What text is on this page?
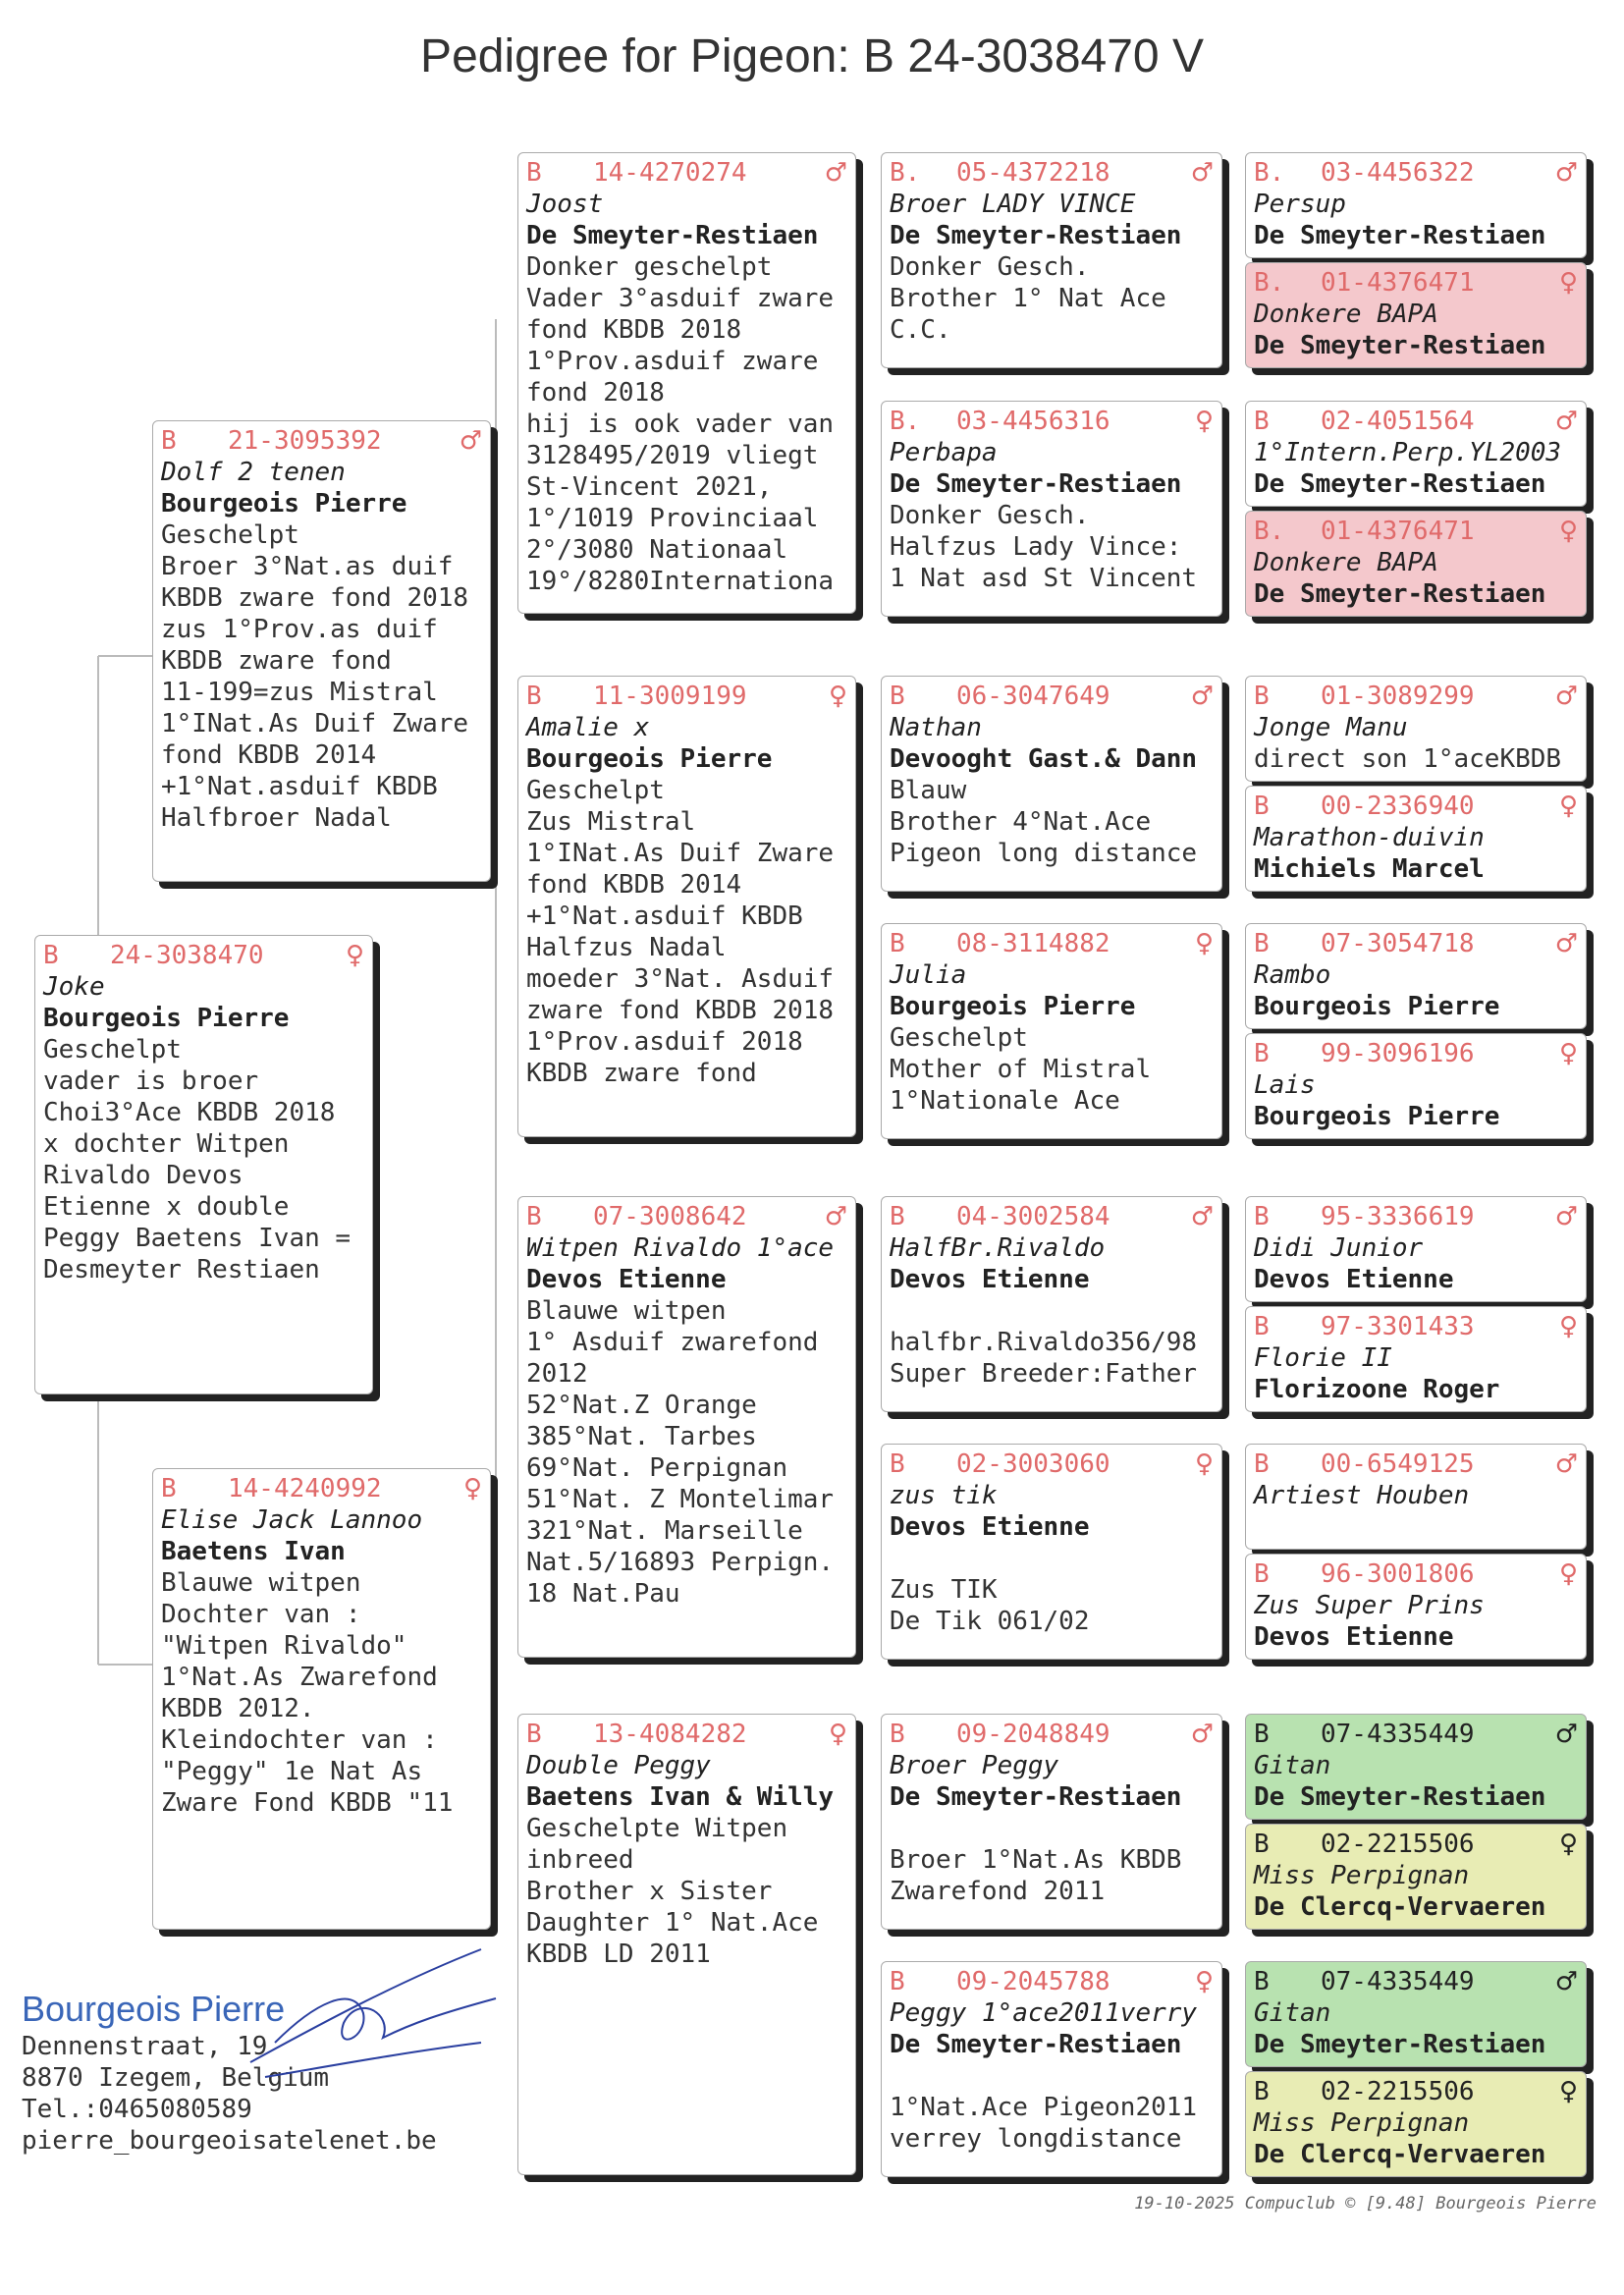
Pedigree for Pigeon: B 24-3038470 V
B	24-3038470	♀
Joke
Bourgeois Pierre
Geschelpt
vader is broer
Choi3°Ace KBDB 2018
x dochter Witpen
Rivaldo Devos
Etienne x double
Peggy Baetens Ivan =
Desmeyter Restiaen
B	21-3095392	♂
Dolf 2 tenen
Bourgeois Pierre
Geschelpt
Broer 3°Nat.as duif
KBDB zware fond 2018
zus 1°Prov.as duif
KBDB zware fond
11-199=zus Mistral
1°INat.As Duif Zware
fond KBDB 2014
+1°Nat.asduif KBDB
Halfbroer Nadal
B	14-4240992	♀
Elise Jack Lannoo
Baetens Ivan
Blauwe witpen
Dochter van :
"Witpen Rivaldo"
1°Nat.As Zwarefond
KBDB 2012.
Kleindochter van :
"Peggy" 1e Nat As
Zware Fond KBDB "11
B	14-4270274	♂
Joost
De Smeyter-Restiaen
Donker geschelpt
Vader 3°asduif zware
fond KBDB 2018
1°Prov.asduif zware
fond 2018
hij is ook vader van
3128495/2019 vliegt
St-Vincent 2021,
1°/1019 Provinciaal
2°/3080 Nationaal
19°/8280Internationa
B	11-3009199	♀
Amalie x
Bourgeois Pierre
Geschelpt
Zus Mistral
1°INat.As Duif Zware
fond KBDB 2014
+1°Nat.asduif KBDB
Halfzus Nadal
moeder 3°Nat. Asduif
zware fond KBDB 2018
1°Prov.asduif 2018
KBDB zware fond
B	07-3008642	♂
Witpen Rivaldo 1°ace
Devos Etienne
Blauwe witpen
1° Asduif zwarefond
2012
52°Nat.Z Orange
385°Nat. Tarbes
69°Nat. Perpignan
51°Nat. Z Montelimar
321°Nat. Marseille
Nat.5/16893 Perpign.
18 Nat.Pau
B	13-4084282	♀
Double Peggy
Baetens Ivan & Willy
Geschelpte Witpen
inbreed
Brother x Sister
Daughter 1° Nat.Ace
KBDB LD 2011
B.	05-4372218	♂
Broer LADY VINCE
De Smeyter-Restiaen
Donker Gesch.
Brother 1° Nat Ace
C.C.
B.	03-4456316	♀
Perbapa
De Smeyter-Restiaen
Donker Gesch.
Halfzus Lady Vince:
1 Nat asd St Vincent
B	06-3047649	♂
Nathan
Devooght Gast.& Dann
Blauw
Brother 4°Nat.Ace
Pigeon long distance
B	08-3114882	♀
Julia
Bourgeois Pierre
Geschelpt
Mother of Mistral
1°Nationale Ace
B	04-3002584	♂
HalfBr.Rivaldo
Devos Etienne

halfbr.Rivaldo356/98
Super Breeder:Father
B	02-3003060	♀
zus tik
Devos Etienne

Zus TIK
De Tik 061/02
B	09-2048849	♂
Broer Peggy
De Smeyter-Restiaen

Broer 1°Nat.As KBDB
Zwarefond 2011
B	09-2045788	♀
Peggy 1°ace2011verry
De Smeyter-Restiaen

1°Nat.Ace Pigeon2011
verrey longdistance
B.	03-4456322	♂
Persup
De Smeyter-Restiaen
B.	01-4376471	♀
Donkere BAPA
De Smeyter-Restiaen
B	02-4051564	♂
1°Intern.Perp.YL2003
De Smeyter-Restiaen
B.	01-4376471	♀
Donkere BAPA
De Smeyter-Restiaen
B	01-3089299	♂
Jonge Manu
direct son 1°aceKBDB
B	00-2336940	♀
Marathon-duivin
Michiels Marcel
B	07-3054718	♂
Rambo
Bourgeois Pierre
B	99-3096196	♀
Lais
Bourgeois Pierre
B	95-3336619	♂
Didi Junior
Devos Etienne
B	97-3301433	♀
Florie II
Florizoone Roger
B	00-6549125	♂
Artiest Houben
B	96-3001806	♀
Zus Super Prins
Devos Etienne
B	07-4335449	♂
Gitan
De Smeyter-Restiaen
B	02-2215506	♀
Miss Perpignan
De Clercq-Vervaeren
B	07-4335449	♂
Gitan
De Smeyter-Restiaen
B	02-2215506	♀
Miss Perpignan
De Clercq-Vervaeren
Bourgeois Pierre
Dennenstraat, 19
8870 Izegem, Belgium
Tel.:0465080589
pierre_bourgeoisatelenet.be
19-10-2025 Compuclub © [9.48] Bourgeois Pierre
